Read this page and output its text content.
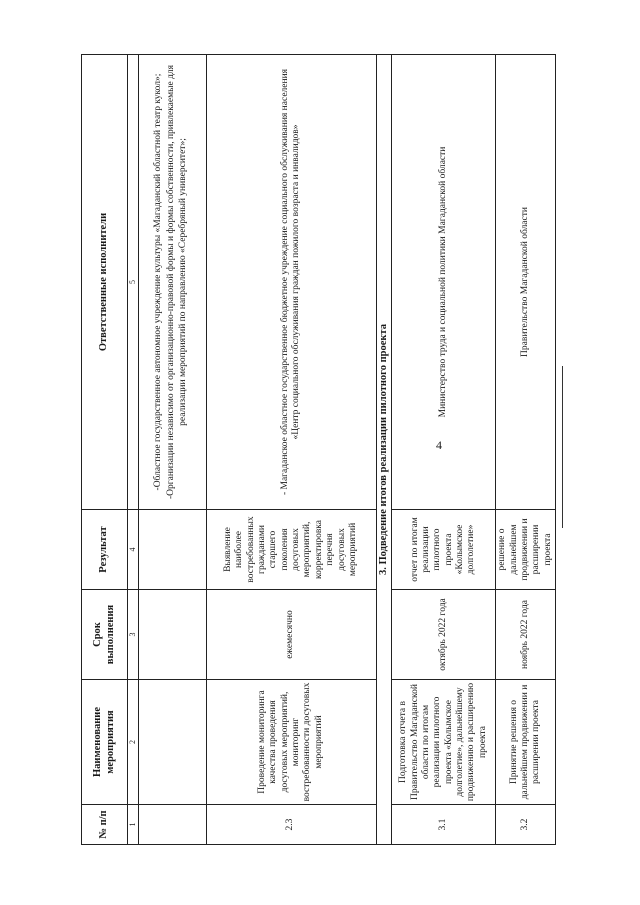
4
№ п/п	Наименование мероприятия	Срок выполнения	Результат	Ответственные исполнители
1	2	3	4	5

				-Областное государственное автономное учреждение культуры «Магаданский областной театр кукол»; -Организации независимо от организационно-правовой формы и формы собственности, привлекаемые для реализации мероприятий по направлению «Серебряный университет»;

2.3	Проведение мониторинга качества проведения досуговых мероприятий, мониторинг востребованности досуговых мероприятий	ежемесячно	Выявление наиболее востребованных гражданами старшего поколения досуговых мероприятий, корректировка перечня досуговых мероприятий	- Магаданское областное государственное бюджетное учреждение социального обслуживания населения «Центр социального обслуживания граждан пожилого возраста и инвалидов»
3. Подведение итогов реализации пилотного проекта				
3.1	Подготовка отчета в Правительство Магаданской области по итогам реализации пилотного проекта «Колымское долголетие», дальнейшему продвижению и расширению проекта	октябрь 2022 года	отчет по итогам реализации пилотного проекта «Колымское долголетие»	Министерство труда и социальной политики Магаданской области
3.2	Принятие решения о дальнейшем продвижении и расширении проекта	ноябрь 2022 года	решение о дальнейшем продвижении и расширении проекта	Правительство Магаданской области
